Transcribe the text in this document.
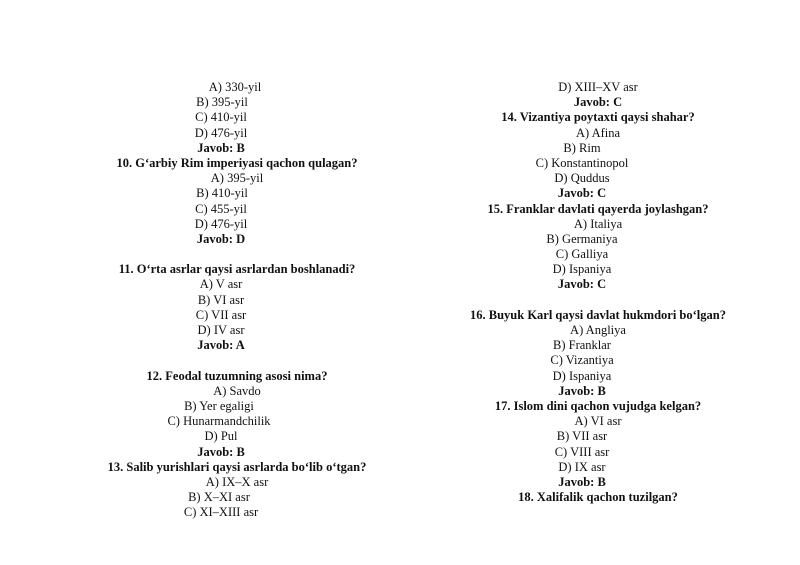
A) 330-yil
B) 395-yil
C) 410-yil
D) 476-yil
Javob: B
10. G‘arbiy Rim imperiyasi qachon qulagan?
A) 395-yil
B) 410-yil
C) 455-yil
D) 476-yil
Javob: D
11. O‘rta asrlar qaysi asrlardan boshlanadi?
A) V asr
B) VI asr
C) VII asr
D) IV asr
Javob: A
12. Feodal tuzumning asosi nima?
A) Savdo
B) Yer egaligi
C) Hunarmandchilik
D) Pul
Javob: B
13. Salib yurishlari qaysi asrlarda bo‘lib o‘tgan?
A) IX–X asr
B) X–XI asr
C) XI–XIII asr
D) XIII–XV asr
Javob: C
14. Vizantiya poytaxti qaysi shahar?
A) Afina
B) Rim
C) Konstantinopol
D) Quddus
Javob: C
15. Franklar davlati qayerda joylashgan?
A) Italiya
B) Germaniya
C) Galliya
D) Ispaniya
Javob: C
16. Buyuk Karl qaysi davlat hukmdori bo‘lgan?
A) Angliya
B) Franklar
C) Vizantiya
D) Ispaniya
Javob: B
17. Islom dini qachon vujudga kelgan?
A) VI asr
B) VII asr
C) VIII asr
D) IX asr
Javob: B
18. Xalifalik qachon tuzilgan?
